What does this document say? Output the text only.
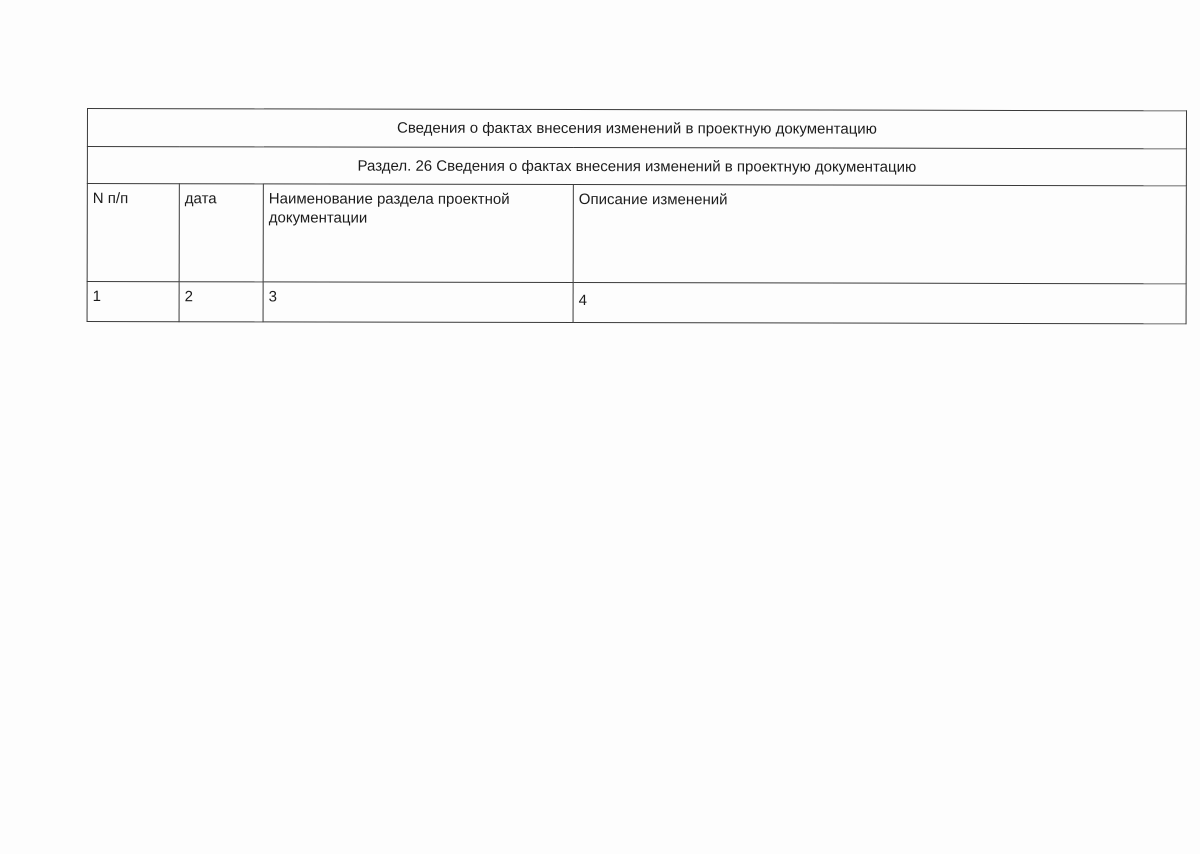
Сведения о фактах внесения изменений в проектную документацию			
Раздел. 26 Сведения о фактах внесения изменений в проектную документацию			
N п/п	дата	Наименование раздела проектной документации	Описание изменений
1	2	3	4
